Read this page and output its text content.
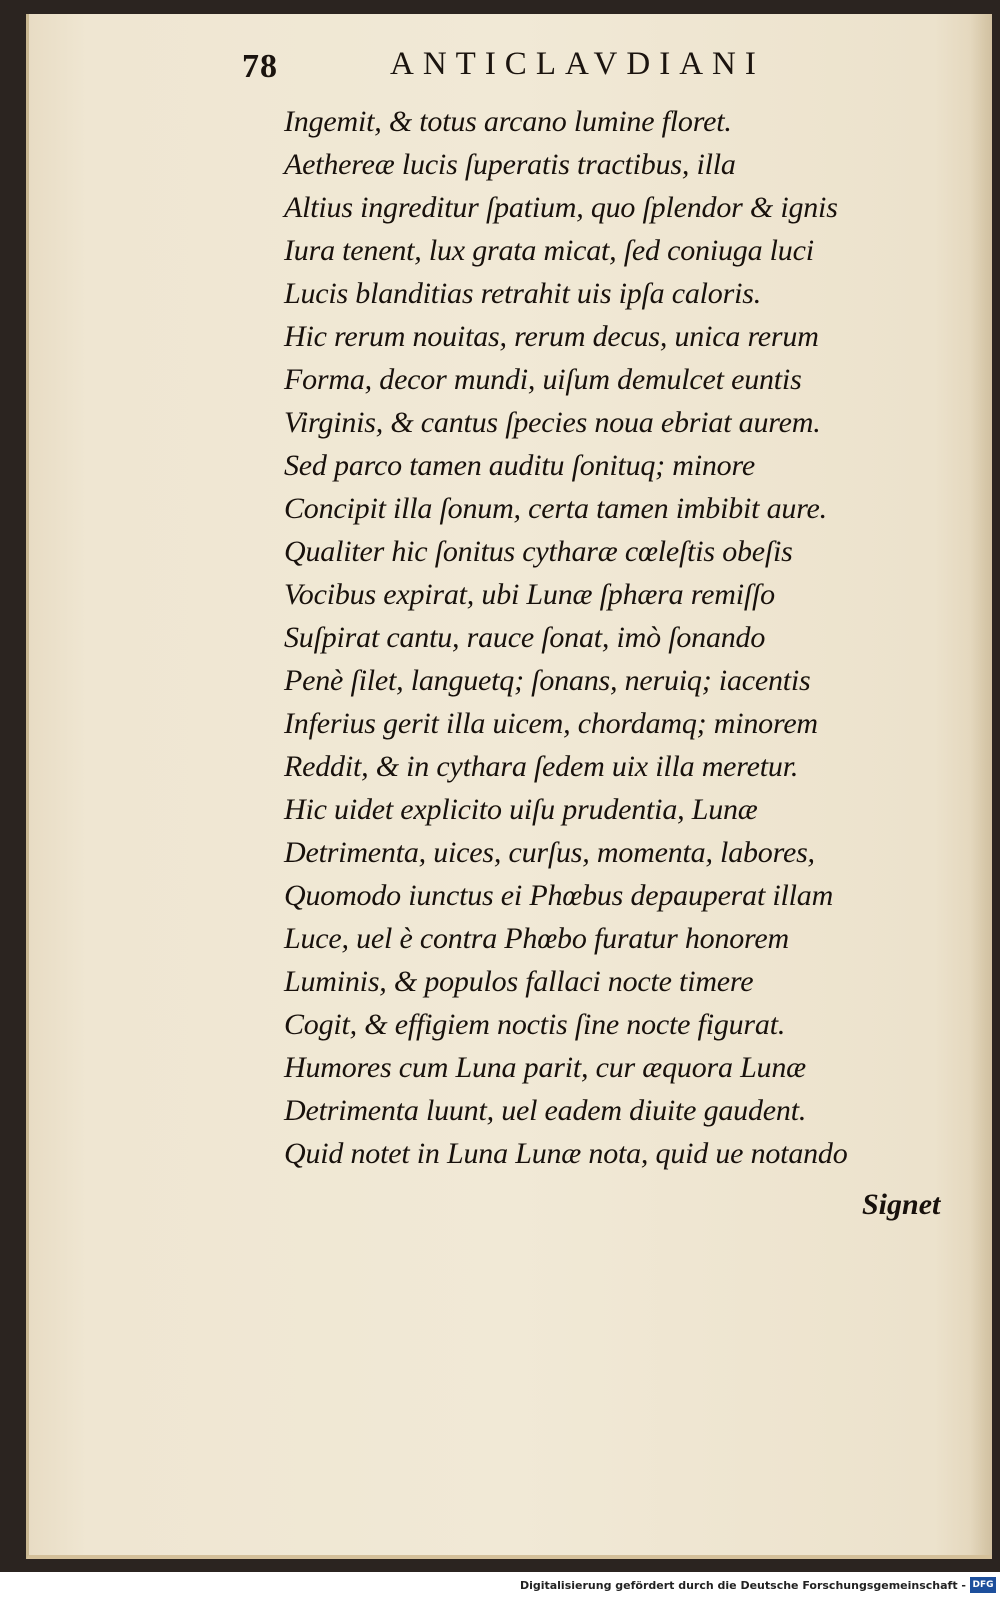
78	ANTICLAVDIANI
Ingemit, & totus arcano lumine floret.
Aethereæ lucis ſuperatis tractibus, illa
Altius ingreditur ſpatium, quo ſplendor & ignis
Iura tenent, lux grata micat, ſed coniuga luci
Lucis blanditias retrahit uis ipſa caloris.
Hic rerum nouitas, rerum decus, unica rerum
Forma, decor mundi, uiſum demulcet euntis
Virginis, & cantus ſpecies noua ebriat aurem.
Sed parco tamen auditu ſonituq; minore
Concipit illa ſonum, certa tamen imbibit aure.
Qualiter hic ſonitus cytharæ cœleſtis obeſis
Vocibus expirat, ubi Lunæ ſphæra remiſſo
Suſpirat cantu, rauce ſonat, imò ſonando
Penè ſilet, languetq; ſonans, neruiq; iacentis
Inferius gerit illa uicem, chordamq; minorem
Reddit, & in cythara ſedem uix illa meretur.
Hic uidet explicito uiſu prudentia, Lunæ
Detrimenta, uices, curſus, momenta, labores,
Quomodo iunctus ei Phœbus depauperat illam
Luce, uel è contra Phœbo furatur honorem
Luminis, & populos fallaci nocte timere
Cogit, & effigiem noctis ſine nocte figurat.
Humores cum Luna parit, cur æquora Lunæ
Detrimenta luunt, uel eadem diuite gaudent.
Quid notet in Luna Lunæ nota, quid ue notando
Signet
Digitalisierung gefördert durch die Deutsche Forschungsgemeinschaft - DFG
